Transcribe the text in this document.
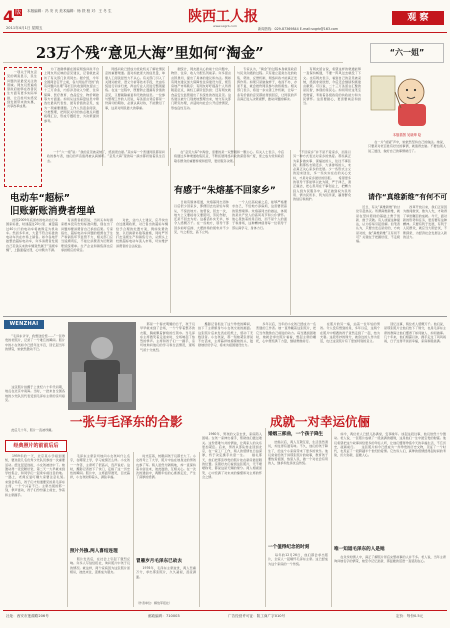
$4^版$	本版编辑：冯 安 氏 美术编辑：杨 铁 校 对：王 冬 生
2011年4月1日 星期五
陕西工人报
www.sxgrb.com
新闻热线：029-87369844 E-mail:sxgrb@163.com
观 察
23万个残“意见大海”里如何“淘金”	“六一姐”
本版插图 吴晓坤 绘
　　为了准确掌握在国家网络问政平台上网友所反映的意见建议，记者就此采访了有关部门负责同志。据介绍，今年全国两会召开之前，各大网站开设的“我有问题问总理”等栏目共收到网友留言二十三万余条，内容涉及收入分配、住房保障、医疗教育、食品安全、物价调控等方方面面。如何从这些海量信息中筛选出最具代表性、最有价值的意见，成为一项重要课题。工作人员逐条阅读、分类整理，把网民关切的热点难点问题梳理汇总，形成专题报告，为决策提供参考。
　　网络问政已经成为党政机关了解社情民意的重要渠道。面对如此庞大的信息量，单靠人工阅读显然力不从心。有关部门引入了关键词检索、语义分析等技术手段，先由系统进行初步归类，再由专业人员进行甄别提炼。在这一过程中，既要防止遗漏有价值的意见，又要剔除重复和无效的信息。一位参与整理工作的人员说，每条留言背后都是一份真切的期待，必须认真对待，不能敷衍了事，这是对网民最大的尊重。
　　据统计，网友最关心的前十位问题中，物价、住房、收入分配名列前茅。许多留言言辞恳切，提出了具体的建议和办法。例如有网友建议加大保障性住房建设力度，规范房地产市场秩序；有网友呼吁提高个人所得税起征点，减轻工薪阶层负担；还有网友就食品安全监管提出了系统性的改进意见。这些建议被分门别类地整理出来，转交有关部门研究办理，并适时向社会公开反馈情况，形成良性互动。
　　专家认为，“淘金”的过程本身就是政府与民众沟通的过程。只有建立起常态化的收集、筛选、反馈机制，网络问政才能真正发挥作用。如果只是做做样子，收而不办，办而不复，就会挫伤网民参与的积极性。相关部门表示，将进一步完善工作机制，让每一条有价值的意见都能得到回应，让网民的声音真正进入决策视野，推动问题的解决。
　　有网友留言说，希望这样的渠道能够一直保持畅通，不要一阵风过去就没了下文。也有网友表示，看到自己的意见被采纳，感到非常欣慰，今后还会继续积极建言献策。可以说，二十三万条留言汇聚的是民智，体现的是民心。如何用好这笔宝贵财富，考验着各级政府的执政能力和为民情怀。这需要耐心，更需要诚意和担当。
　　一项关于网友意见的调查显示，民生问题仍是最受关注的领域。网友们普遍希望政府能够在改善民生方面有更多实际举措，让百姓切实感受到发展带来的实惠，共享改革成果。
　　一个“六一姐”说：“我的意见被采纳了，感到很自豪。”其实每一个普通网民都是问政的参与者，他们的声音值得被认真倾听。“意见大海”里的每一滴水都折射着民生百态。
电动车“超标”
旧账新账消费者埋单
　　按照2009年底颁布的电动自行车国家标准，时速超过20公里、重量超过40公斤的电动车将被界定为机动车。然而多年来，大量不符合标准的电动车仍在市场上销售。如今各地开始整治超标电动车，许多消费者发现自己花钱买来的车辆竟然属于“违规车辆”，上路面临处罚，心中颇为不满。
　　有消费者抱怨说，当初买车时商家根本没有告知标准问题，现在出了问题却要消费者自己承担后果。专家指出，超标电动车问题的根源在于生产和销售环节监管不力，相关部门应当追溯责任，不能让消费者为旧账新账统统埋单。生产企业和销售商也应承担相应的责任。
　　对此，业内人士建议，应尽快出台过渡期政策，对已售出的超标车辆给予合理的处置方案，例如免费改装、以旧换新补贴等措施，同时严厉打击违规生产和销售行为，从源头上杜绝超标电动车流入市场，切实维护消费者的合法权益。
　　在“意见大海”中淘金，需要的是一双慧眼和一颗公心。有关人士表示，今后将通过多种渠道收集民意，不断拓展网络问政的深度和广度，使之成为党和政府联系群众的重要桥梁和纽带，更好服务决策。
有感于“朱熔基不回家乡”
　　日前有媒体报道，朱熔基同志退休以后很少回家乡，即便回去也是轻车简从，不惊扰地方。他曾说，回去一次，地方上又要接待又要陪同，劳民伤财，还是不回去为好。这番话朴实无华，却令人感慨万千。在一些地方，领导干部回乡前呼后拥、大摆排场的现象并不少见，与之相比，高下立判。
　　一个人位高权重之后，能够严格要求自己，不给地方添麻烦，这需要很高的思想境界。朱熔基同志的做法，体现的是共产党人的高风亮节和公仆情怀。他心里装着的是百姓，而不是个人的面子和排场，这种精神值得每一位领导干部认真学习，身体力行。
　　“不回家乡”并不是不爱家乡，而是以另一种方式表达对家乡的热爱。那些真正为家乡做实事、谋福祉的人，往往不事张扬；而那些衣锦还乡、大讲排场的人，未必真正关心家乡的发展。少一些形式主义的迎来送往，多一些实实在在的关心支持，才是对家乡最好的回报。　　希望更多的领导干部能够以此为镜，严于律己，清正廉洁，把心思用在干事创业上，把精力投入到为民服务中，真正做到权为民所用、情为民所系、利为民所谋，赢得群众的信任和拥护。
　　在一片“质疑”声中，她依然坚持自己的做法。她说，只要是对老百姓有好处的事情，就值得去做。不要怕别人说三道四，做好自己的事情就行了。
请作“真维新维”有何不可
　　近日，有关“真维新维”的讨论引起热议。所谓真维新维，就是在坚持原则的基础上勇于创新、敢于突破。有人质疑这种提法，认为容易引起误解。但笔者认为，只要出发点是好的，方向是对的，做“真维新维”又有何不可？关键在于把握好度，不走极端。
　　改革开放以来，我们正是因为敢闯敢试、敢为人先，才取得了举世瞩目的成就。今天，面对新的形势和任务，更需要有这种精神。只要有利于发展，有利于人民群众，就应当大胆尝试，不断探索，为经济社会发展注入新的活力。
WENZHAI
　　“毛泽东爷爷，我想送给您……”一张珍贵的老照片，记录了一个难忘的瞬间。照片中的小女孩如今已经年过半百，回忆起当年的情景，她依然激动不已。
　　这张照片拍摄于上世纪六十年代初期，地点在北京中南海。当时，一批来自全国各地的少先队员代表受到毛泽东主席的亲切接见。
　　那是一个春光明媚的日子，孩子们早早就来到了会场，一个个穿着整齐的衣服，胸前飘着鲜艳的红领巾。当毛泽东主席微笑着走进来时，全场响起了热烈的掌声。主席和孩子们一一握手，亲切地询问他们的学习和生活情况，现场气氛十分热烈。
　　摄影记者抓住了这个珍贵的瞬间，拍下了主席俯身与小女孩交谈的画面。这张照片后来发表在报纸上，感动了无数读者。小女孩说，那一刻她紧张得说不出话来，主席慈祥地摸摸她的头，鼓励她好好学习，将来为祖国建设出力。
　　多年以后，当年的小女孩已经成为一名普通的工作者。她一直珍藏着这张照片，把它当作激励自己前进的动力。每当遇到困难时，她就会拿出照片看看，想起主席的嘱托，心中便充满了力量，继续勇敢前行。
　　在照片的另一端，站着一位年轻的男孩。令人没有想到的是，多年以后，这两个在照片中相遇的孩子竟然走到了一起，结为夫妻。这段奇妙的缘分，被身边的人传为佳话，也让这张照片有了更加特别的意义。
　　回忆往事，两位老人感慨万千。他们说，是那张照片让他们结下了缘分，也是毛泽东主席的教诲让他们懂得了如何做人、如何做事。几十年来，他们相濡以沫，携手走过了风风雨雨，日子过得平淡而幸福，家庭和睦美满。
　　此后几十年，照片一直被珍藏。
经典照片的前前后后
一张与毛泽东的合影	成就一对幸运伉俪
　　1959年的一天，北京某小学接到通知，要选派几名优秀少先队员参加一次重要活动。经过层层选拔，小女孩被选中了。她激动得一夜没睡好觉，第二天一大早就来到学校集合，和同学们一起乘车前往目的地。一路上，老师反复叮嘱大家要注意礼貌。　　来到会场后，孩子们才知道要见的是毛泽东主席，一个个兴奋不已。主席出现的那一刻，掌声雷动，孩子们纷纷涌上前去，争着和主席握手。
　　毛泽东主席亲切地问小女孩叫什么名字，在哪里上学，学习成绩怎么样。小女孩一一作答，主席听了很高兴，连声说好。这时，摄影记者按下了快门，定格了这一历史性的瞬间。照片中，主席面带微笑，目光慈祥，小女孩则仰着头，满脸幸福。
照片外猕,两人喜结连理
　　照片发表后，在社会上引起了强烈反响。许多人写信给报社，询问照片中孩子们的情况。就这样，两个家庭因为这张照片而相识，彼此来往，逐渐成为朋友。
　　时光荏苒，转眼间孩子们都长大了。小女孩考上了大学，照片中站在她身边的男孩也参了军。两人虽然分隔两地，却一直保持着书信往来，彼此鼓励，互相关心。在一次次的通信中，两颗年轻的心渐渐走近，产生了深厚的感情。
冒雁岁月毛泽东已故去
　　1976年，毛泽东主席逝世，两人悲痛万分，拿出那张照片，久久凝视，泪流满面。
（作者单位：解放军报社）
　　1960年，男孩的父亲去世，家庭陷入困境。女孩一家伸出援手，帮助他们渡过难关。这份患难与共的情谊，让两家人的关系更加紧密。后来，男孩从部队转业回到北京，在一家工厂工作，两人的感情也日益深厚，终于决定携手共度一生。　　婚礼那天，他们把那张珍贵的照片挂在新房最显眼的位置。亲朋好友们看到这张照片，无不啧啧称奇，都说这是天赐的缘分。两人相视而笑，心中充满了对未来的憧憬和对主席的怀念之情。
婚姻三部曲，一个孩子降生
　　结婚以后，两人互敬互爱，生活虽然清贫，却过得有滋有味。不久，他们的孩子降生了，给这个小家庭带来了更多的欢乐。他们常常给孩子讲那张照片的故事，教育孩子要热爱祖国、热爱人民，做一个对社会有用的人，继承和发扬优良传统。
一个值得纪念的时刻
　　每年的12月26日，他们都会拿出照片，全家人一起缅怀毛泽东主席。这已经成为这个家庭的一个传统。
　　如今，两位老人已经儿孙满堂，安享晚年。谈起这段往事，他们依然十分激动。老人说，一张照片成就了一段美满的姻缘，这是他们一生中最宝贵的财富。他们希望把这个故事讲给更多的年轻人听，让他们懂得珍惜今天的幸福生活，不忘历史，砥砺前行。　　这张照片如今已经成为一件珍贵的历史文物，见证了一个时代，也见证了一段跨越半个世纪的爱情。它告诉人们，真挚的感情经得起时间的考验，历久弥新，温暖人心。
唯一知道毛泽东的人是她
　　在众多知情人中，真正了解照片背后完整故事的人并不多。老人说，当年主席询问她名字的情景，她至今记忆犹新，那温暖的话语一直铭刻在心。
社址：西安市莲湖路206号	邮政编码：710003	广告经营许可证：陕工商广字010号	定价：每份0.5元
